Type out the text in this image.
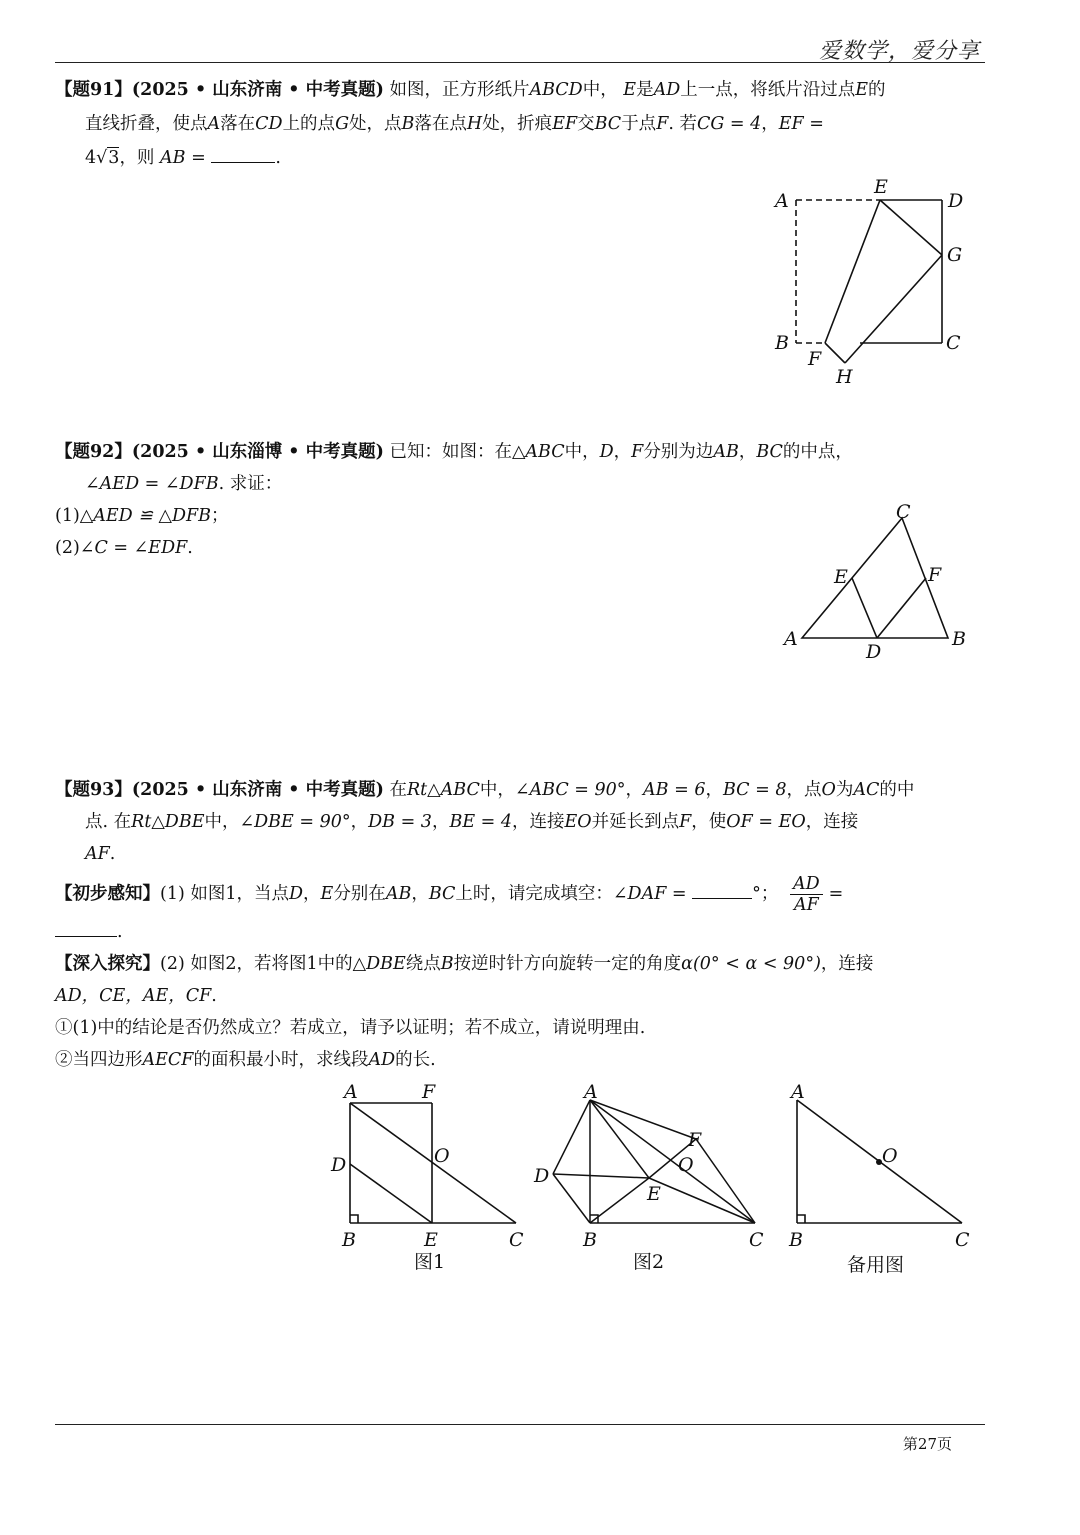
爱数学，爱分享
【题91】(2025 • 山东济南 • 中考真题) 如图，正方形纸片ABCD中， E是AD上一点，将纸片沿过点E的
直线折叠，使点A落在CD上的点G处，点B落在点H处，折痕EF交BC于点F. 若CG = 4，EF =
4√3，则 AB =	.
A
E
D
G
B
F
H
C
【题92】(2025 • 山东淄博 • 中考真题) 已知：如图：在△ABC中，D，F分别为边AB，BC的中点，
∠AED = ∠DFB. 求证：
(1)△AED ≌ △DFB；
(2)∠C = ∠EDF.
C
E	F
A
D
B
【题93】(2025 • 山东济南 • 中考真题) 在Rt△ABC中，∠ABC = 90°，AB = 6，BC = 8，点O为AC的中
点. 在Rt△DBE中，∠DBE = 90°，DB = 3，BE = 4，连接EO并延长到点F，使OF = EO，连接
AF.
【初步感知】(1) 如图1，当点D，E分别在AB，BC上时，请完成填空：∠DAF =	°； $\frac{AD}{AF}$ =
.
【深入探究】(2) 如图2，若将图1中的△DBE绕点B按逆时针方向旋转一定的角度α(0° < α < 90°)，连接
AD，CE，AE，CF.
①(1)中的结论是否仍然成立？若成立，请予以证明；若不成立，请说明理由.
②当四边形AECF的面积最小时，求线段AD的长.
A	F
D	O
B	E	C
图1
A
F
O
D
E
B	C
图2
A
O
B	C
备用图
第27页
